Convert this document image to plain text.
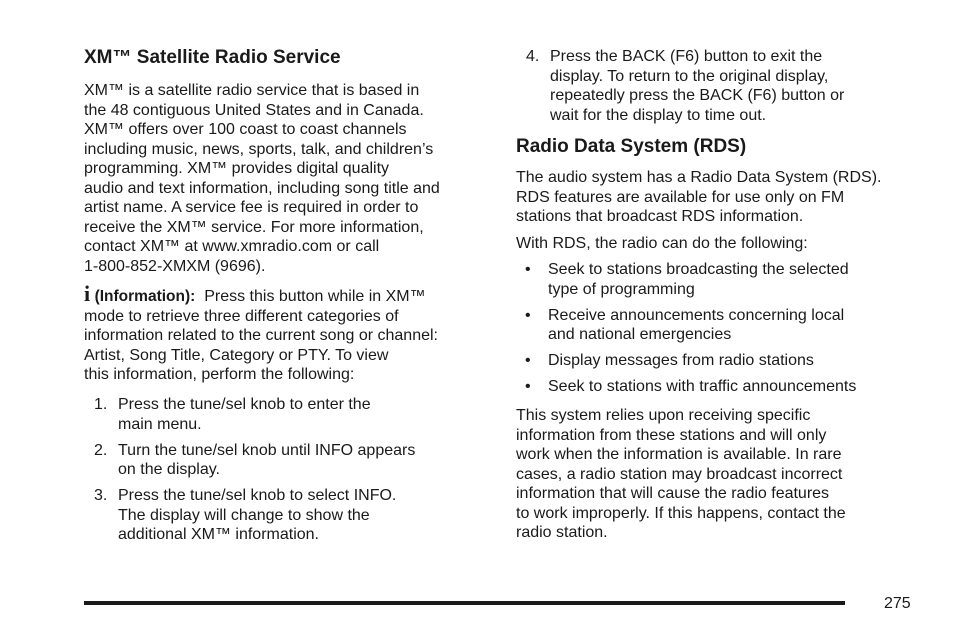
XM™ Satellite Radio Service

XM™ is a satellite radio service that is based in
the 48 contiguous United States and in Canada.
XM™ offers over 100 coast to coast channels
including music, news, sports, talk, and children’s
programming. XM™ provides digital quality
audio and text information, including song title and
artist name. A service fee is required in order to
receive the XM™ service. For more information,
contact XM™ at www.xmradio.com or call
1-800-852-XMXM (9696).

i (Information): Press this button while in XM™
mode to retrieve three different categories of
information related to the current song or channel:
Artist, Song Title, Category or PTY. To view
this information, perform the following:

1. Press the tune/sel knob to enter the
main menu.
2. Turn the tune/sel knob until INFO appears
on the display.
3. Press the tune/sel knob to select INFO.
The display will change to show the
additional XM™ information.
4. Press the BACK (F6) button to exit the
display. To return to the original display,
repeatedly press the BACK (F6) button or
wait for the display to time out.
Radio Data System (RDS)

The audio system has a Radio Data System (RDS).
RDS features are available for use only on FM
stations that broadcast RDS information.

With RDS, the radio can do the following:

• Seek to stations broadcasting the selected
type of programming
• Receive announcements concerning local
and national emergencies
• Display messages from radio stations
• Seek to stations with traffic announcements

This system relies upon receiving specific
information from these stations and will only
work when the information is available. In rare
cases, a radio station may broadcast incorrect
information that will cause the radio features
to work improperly. If this happens, contact the
radio station.

275
